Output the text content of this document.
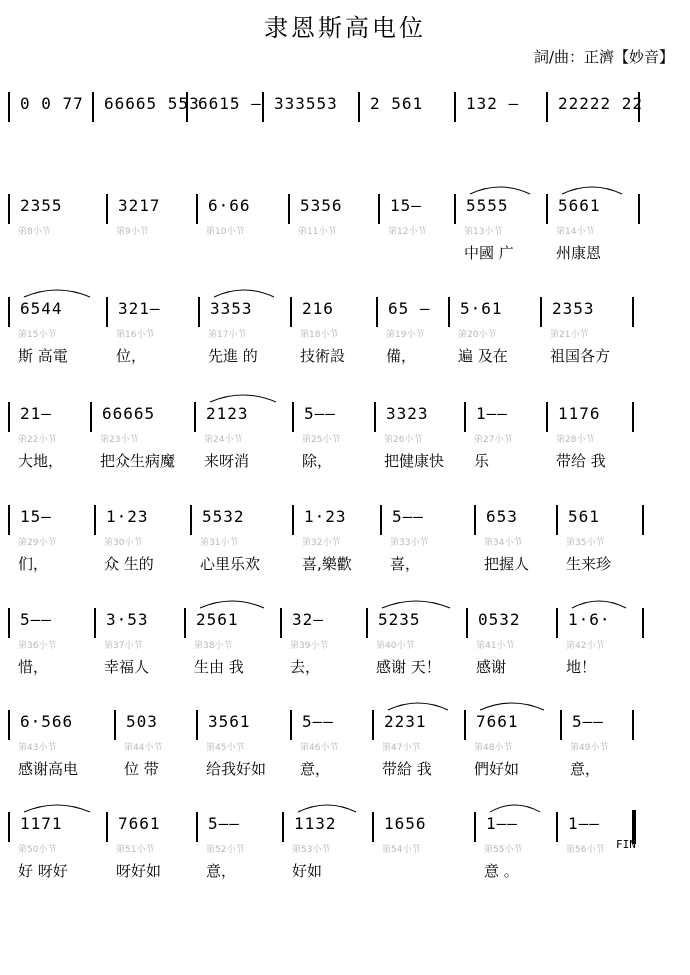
隶恩斯高电位
詞/曲：正濟【妙音】
0 0 77 66665 553
6615 — 333553 2 561	132 — 22222 22
2355
第8小节
3217
第9小节
6·66
第10小节
5356
第11小节
15—
第12小节
5555
第13小节
中國 广
5661
第14小节
州康恩
6544
第15小节
斯 高電
321—
第16小节
位，
3353
第17小节
先進 的
216
第18小节
技術設
65 —
第19小节
備，
5·61
第20小节
遍 及在
2353
第21小节
祖国各方
21—
第22小节
大地，
66665
第23小节
把众生病魔
2123
第24小节
来呀消
5——
第25小节
除，
3323
第26小节
把健康快
1——
第27小节
乐
1176
第28小节
带给 我
15—
第29小节
们，
1·23
第30小节
众 生的
5532
第31小节
心里乐欢
1·23
第32小节
喜,樂歡
5——
第33小节
喜，
653
第34小节
把握人
561
第35小节
生来珍
5——
第36小节
惜，
3·53
第37小节
幸福人
2561
第38小节
生由 我
32—
第39小节
去，
5235
第40小节
感谢 天！
0532
第41小节
感谢
1·6·
第42小节
地！
6·566
第43小节
感谢高电
503
第44小节
位 带
3561
第45小节
给我好如
5——
第46小节
意，
2231
第47小节
带給 我
7661
第48小节
們好如
5——
第49小节
意，
1171
第50小节
好 呀好
7661
第51小节
呀好如
5——
第52小节
意，
1132
第53小节
好如
1656
第54小节
1——
第55小节
意 。
1——
第56小节 FIN
